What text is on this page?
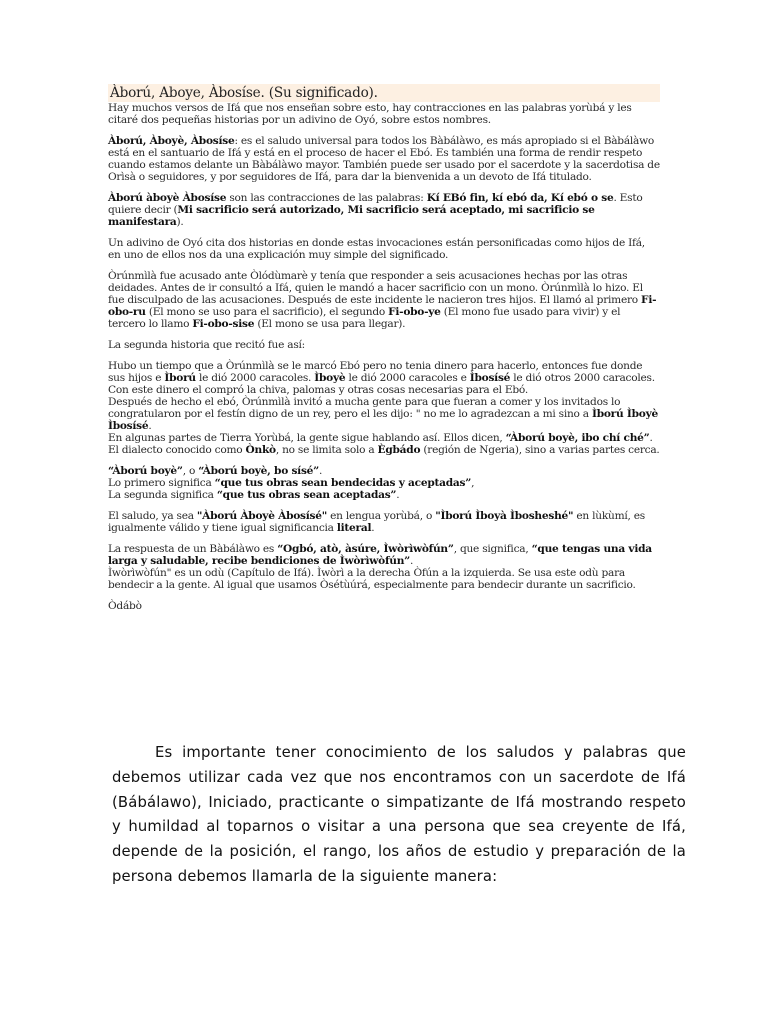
Àború, Aboye, Àbosíse. (Su significado).
Hay muchos versos de Ifá que nos enseñan sobre esto, hay contracciones en las palabras yorùbá y les citaré dos pequeñas historias por un adivino de Oyó, sobre estos nombres.
Àború, Àboyè, Àbosíse: es el saludo universal para todos los Bàbálàwo, es más apropiado si el Bàbálàwo está en el santuario de Ifá y está en el proceso de hacer el Ebó. Es también una forma de rendir respeto cuando estamos delante un Bàbálàwo mayor. También puede ser usado por el sacerdote y la sacerdotisa de Orìsà o seguidores, y por seguidores de Ifá, para dar la bienvenida a un devoto de Ifá titulado.
Àború àboyè Àbosíse son las contracciones de las palabras: Kí EBó fin, kí ebó da, Kí ebó o se. Esto quiere decir (Mi sacrificio será autorizado, Mi sacrificio será aceptado, mi sacrificio se manifestara).
Un adivino de Oyó cita dos historias en donde estas invocaciones están personificadas como hijos de Ifá, en uno de ellos nos da una explicación muy simple del significado.
Òrúnmìlà fue acusado ante Òlódùmarè y tenía que responder a seis acusaciones hechas por las otras deidades. Antes de ir consultó a Ifá, quien le mandó a hacer sacrificio con un mono. Òrúnmìlà lo hizo. El fue disculpado de las acusaciones. Después de este incidente le nacieron tres hijos. El llamó al primero Fi-obo-ru (El mono se uso para el sacrificio), el segundo Fi-obo-ye (El mono fue usado para vivir) y el tercero lo llamo Fi-obo-sise (El mono se usa para llegar).
La segunda historia que recitó fue así:
Hubo un tiempo que a Òrúnmìlà se le marcó Ebó pero no tenia dinero para hacerlo, entonces fue donde sus hijos e Ìború le dió 2000 caracoles. Ìboyè le dió 2000 caracoles e Ìbosísé le dió otros 2000 caracoles.
Con este dinero el compró la chiva, palomas y otras cosas necesarias para el Ebó.
Después de hecho el ebó, Òrúnmìlà invitó a mucha gente para que fueran a comer y los invitados lo congratularon por el festín digno de un rey, pero el les dijo: " no me lo agradezcan a mi sino a Ìború Ìboyè Ìbosísé.
En algunas partes de Tierra Yorùbá, la gente sigue hablando así. Ellos dicen, “Àború boyè, ibo chí ché”.
El dialecto conocido como Ònkò, no se limita solo a Ègbádo (región de Ngeria), sino a varias partes cerca.
“Àború boyè”, o “Àború boyè, bo sísé”.
Lo primero significa “que tus obras sean bendecidas y aceptadas”,
La segunda significa “que tus obras sean aceptadas”.
El saludo, ya sea "Àború Àboyè Àbosísé" en lengua yorùbá, o "Ìború Ìboyà Ìbosheshé" en lùkùmí, es igualmente válido y tiene igual significancia literal.
La respuesta de un Bàbálàwo es “Ogbó, atò, àsúre, Ìwòrìwòfún”, que significa, “que tengas una vida larga y saludable, recibe bendiciones de Ìwòrìwòfún”.
Ìwòrìwòfún" es un odù (Capítulo de Ifá). Ìwòrì a la derecha Òfún a la izquierda. Se usa este odù para bendecir a la gente. Al igual que usamos Òsétùúrá, especialmente para bendecir durante un sacrificio.
Òdábò
Es importante tener conocimiento de los saludos y palabras que debemos utilizar cada vez que nos encontramos con un sacerdote de Ifá (Bábálawo), Iniciado, practicante o simpatizante de Ifá mostrando respeto y humildad al toparnos o visitar a una persona que sea creyente de Ifá, depende de la posición, el rango, los años de estudio y preparación de la persona debemos llamarla de la siguiente manera:
